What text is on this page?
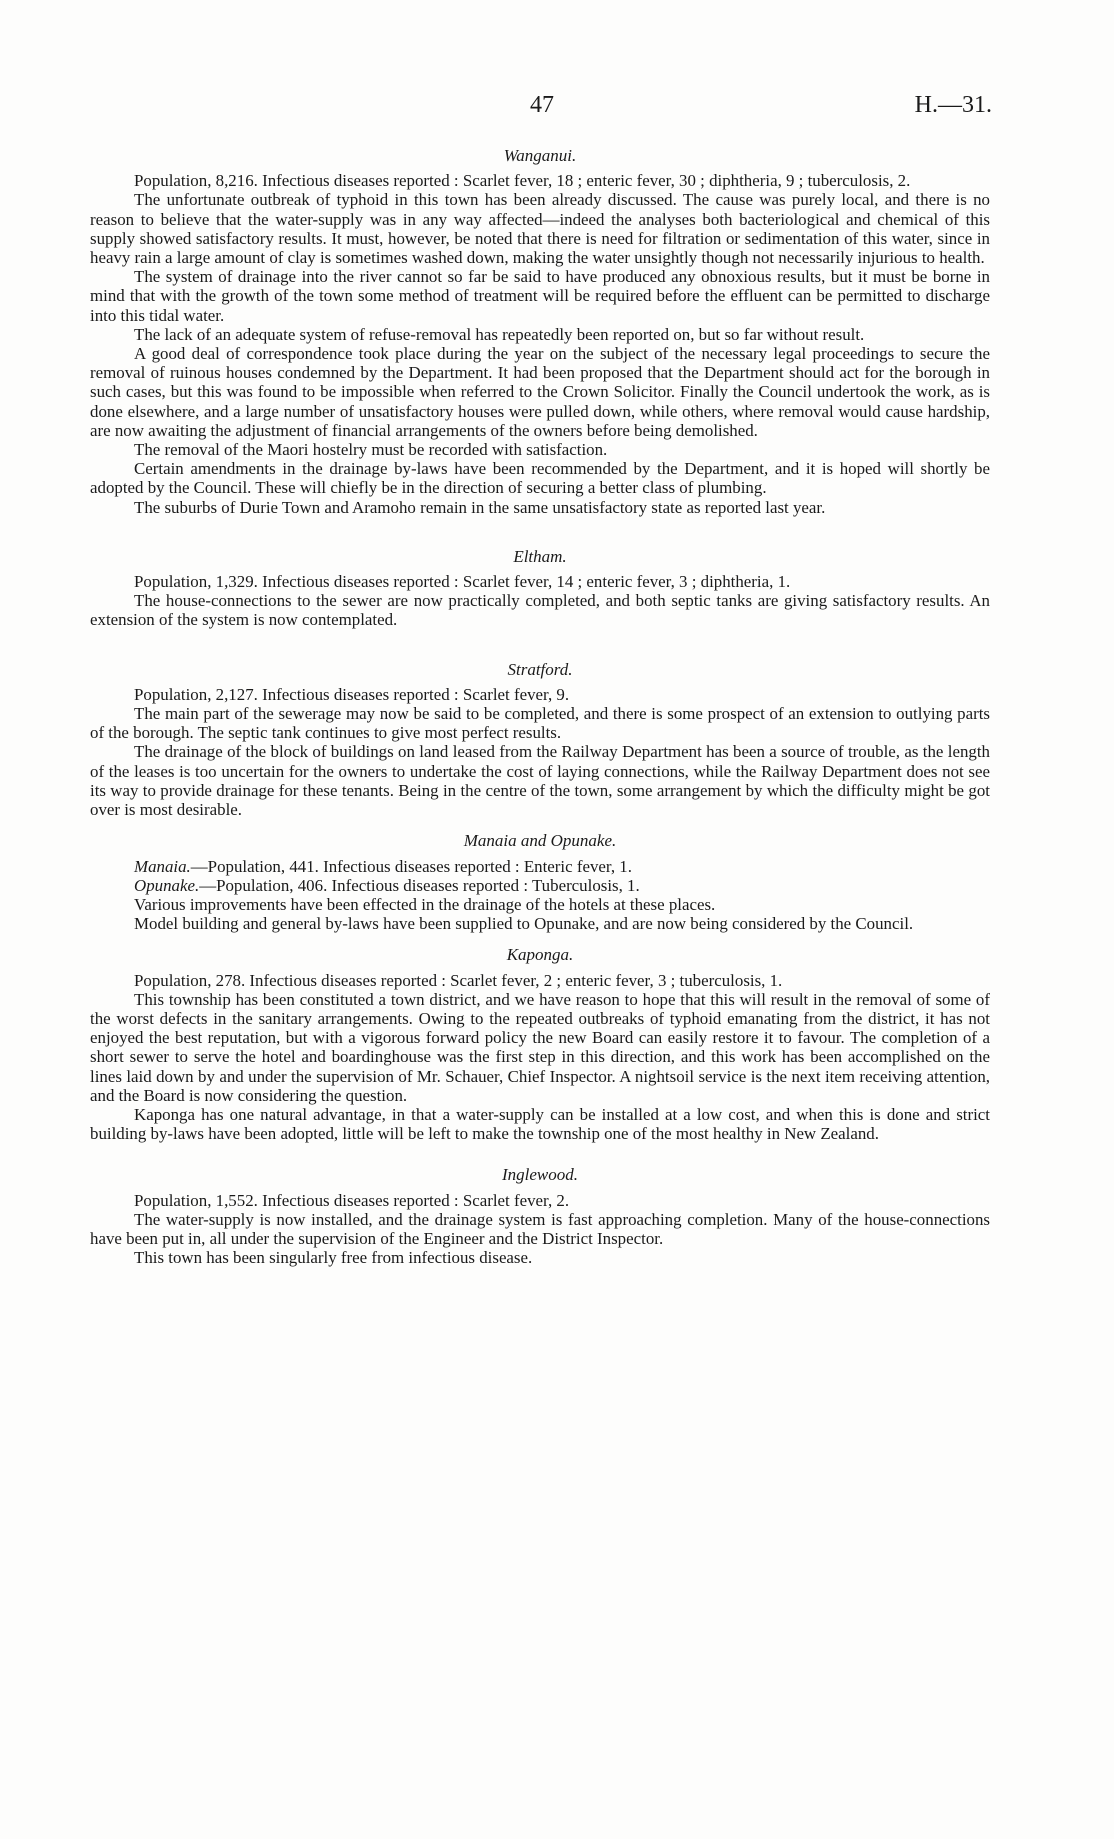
47	H.—31.
Wanganui.

Population, 8,216. Infectious diseases reported : Scarlet fever, 18 ; enteric fever, 30 ; diphtheria, 9 ; tuberculosis, 2.

The unfortunate outbreak of typhoid in this town has been already discussed. The cause was purely local, and there is no reason to believe that the water-supply was in any way affected—indeed the analyses both bacteriological and chemical of this supply showed satisfactory results. It must, however, be noted that there is need for filtration or sedimentation of this water, since in heavy rain a large amount of clay is sometimes washed down, making the water unsightly though not necessarily injurious to health.

The system of drainage into the river cannot so far be said to have produced any obnoxious results, but it must be borne in mind that with the growth of the town some method of treatment will be required before the effluent can be permitted to discharge into this tidal water.

The lack of an adequate system of refuse-removal has repeatedly been reported on, but so far without result.

A good deal of correspondence took place during the year on the subject of the necessary legal proceedings to secure the removal of ruinous houses condemned by the Department. It had been proposed that the Department should act for the borough in such cases, but this was found to be impossible when referred to the Crown Solicitor. Finally the Council undertook the work, as is done elsewhere, and a large number of unsatisfactory houses were pulled down, while others, where removal would cause hardship, are now awaiting the adjustment of financial arrangements of the owners before being demolished.

The removal of the Maori hostelry must be recorded with satisfaction.

Certain amendments in the drainage by-laws have been recommended by the Department, and it is hoped will shortly be adopted by the Council. These will chiefly be in the direction of securing a better class of plumbing.

The suburbs of Durie Town and Aramoho remain in the same unsatisfactory state as reported last year.

Eltham.

Population, 1,329. Infectious diseases reported : Scarlet fever, 14 ; enteric fever, 3 ; diphtheria, 1.

The house-connections to the sewer are now practically completed, and both septic tanks are giving satisfactory results. An extension of the system is now contemplated.

Stratford.

Population, 2,127. Infectious diseases reported : Scarlet fever, 9.

The main part of the sewerage may now be said to be completed, and there is some prospect of an extension to outlying parts of the borough. The septic tank continues to give most perfect results.

The drainage of the block of buildings on land leased from the Railway Department has been a source of trouble, as the length of the leases is too uncertain for the owners to undertake the cost of laying connections, while the Railway Department does not see its way to provide drainage for these tenants. Being in the centre of the town, some arrangement by which the difficulty might be got over is most desirable.

Manaia and Opunake.

Manaia.—Population, 441. Infectious diseases reported : Enteric fever, 1.

Opunake.—Population, 406. Infectious diseases reported : Tuberculosis, 1.

Various improvements have been effected in the drainage of the hotels at these places.

Model building and general by-laws have been supplied to Opunake, and are now being considered by the Council.

Kaponga.

Population, 278. Infectious diseases reported : Scarlet fever, 2 ; enteric fever, 3 ; tuberculosis, 1.

This township has been constituted a town district, and we have reason to hope that this will result in the removal of some of the worst defects in the sanitary arrangements. Owing to the repeated outbreaks of typhoid emanating from the district, it has not enjoyed the best reputation, but with a vigorous forward policy the new Board can easily restore it to favour. The completion of a short sewer to serve the hotel and boardinghouse was the first step in this direction, and this work has been accomplished on the lines laid down by and under the supervision of Mr. Schauer, Chief Inspector. A nightsoil service is the next item receiving attention, and the Board is now considering the question.

Kaponga has one natural advantage, in that a water-supply can be installed at a low cost, and when this is done and strict building by-laws have been adopted, little will be left to make the township one of the most healthy in New Zealand.

Inglewood.

Population, 1,552. Infectious diseases reported : Scarlet fever, 2.

The water-supply is now installed, and the drainage system is fast approaching completion. Many of the house-connections have been put in, all under the supervision of the Engineer and the District Inspector.

This town has been singularly free from infectious disease.
